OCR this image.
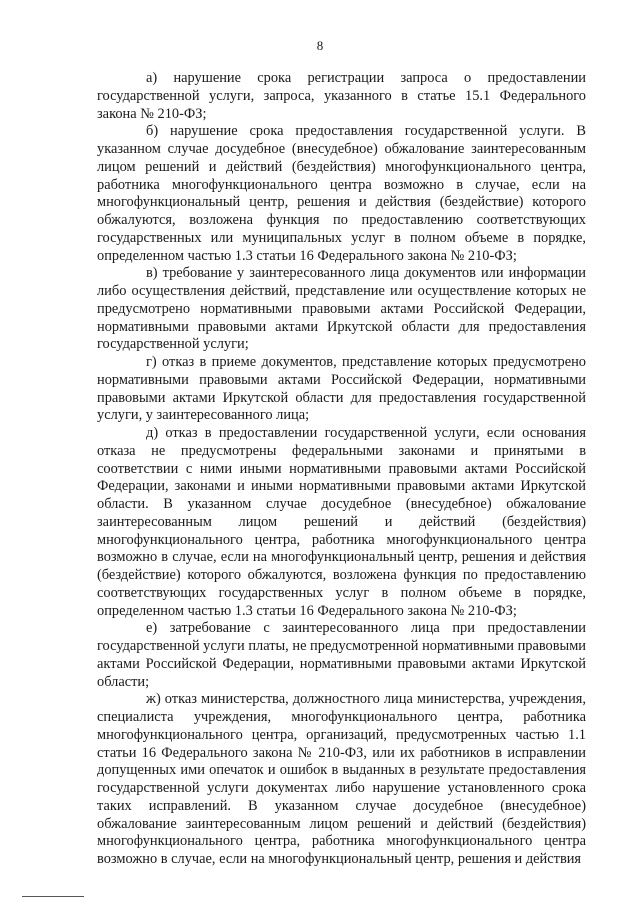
8

а) нарушение срока регистрации запроса о предоставлении государственной услуги, запроса, указанного в статье 15.1 Федерального закона № 210-ФЗ;

б) нарушение срока предоставления государственной услуги. В указанном случае досудебное (внесудебное) обжалование заинтересованным лицом решений и действий (бездействия) многофункционального центра, работника многофункционального центра возможно в случае, если на многофункциональный центр, решения и действия (бездействие) которого обжалуются, возложена функция по предоставлению соответствующих государственных или муниципальных услуг в полном объеме в порядке, определенном частью 1.3 статьи 16 Федерального закона № 210-ФЗ;

в) требование у заинтересованного лица документов или информации либо осуществления действий, представление или осуществление которых не предусмотрено нормативными правовыми актами Российской Федерации, нормативными правовыми актами Иркутской области для предоставления государственной услуги;

г) отказ в приеме документов, представление которых предусмотрено нормативными правовыми актами Российской Федерации, нормативными правовыми актами Иркутской области для предоставления государственной услуги, у заинтересованного лица;

д) отказ в предоставлении государственной услуги, если основания отказа не предусмотрены федеральными законами и принятыми в соответствии с ними иными нормативными правовыми актами Российской Федерации, законами и иными нормативными правовыми актами Иркутской области. В указанном случае досудебное (внесудебное) обжалование заинтересованным лицом решений и действий (бездействия) многофункционального центра, работника многофункционального центра возможно в случае, если на многофункциональный центр, решения и действия (бездействие) которого обжалуются, возложена функция по предоставлению соответствующих государственных услуг в полном объеме в порядке, определенном частью 1.3 статьи 16 Федерального закона № 210-ФЗ;

е) затребование с заинтересованного лица при предоставлении государственной услуги платы, не предусмотренной нормативными правовыми актами Российской Федерации, нормативными правовыми актами Иркутской области;

ж) отказ министерства, должностного лица министерства, учреждения, специалиста учреждения, многофункционального центра, работника многофункционального центра, организаций, предусмотренных частью 1.1 статьи 16 Федерального закона № 210-ФЗ, или их работников в исправлении допущенных ими опечаток и ошибок в выданных в результате предоставления государственной услуги документах либо нарушение установленного срока таких исправлений. В указанном случае досудебное (внесудебное) обжалование заинтересованным лицом решений и действий (бездействия) многофункционального центра, работника многофункционального центра возможно в случае, если на многофункциональный центр, решения и действия
